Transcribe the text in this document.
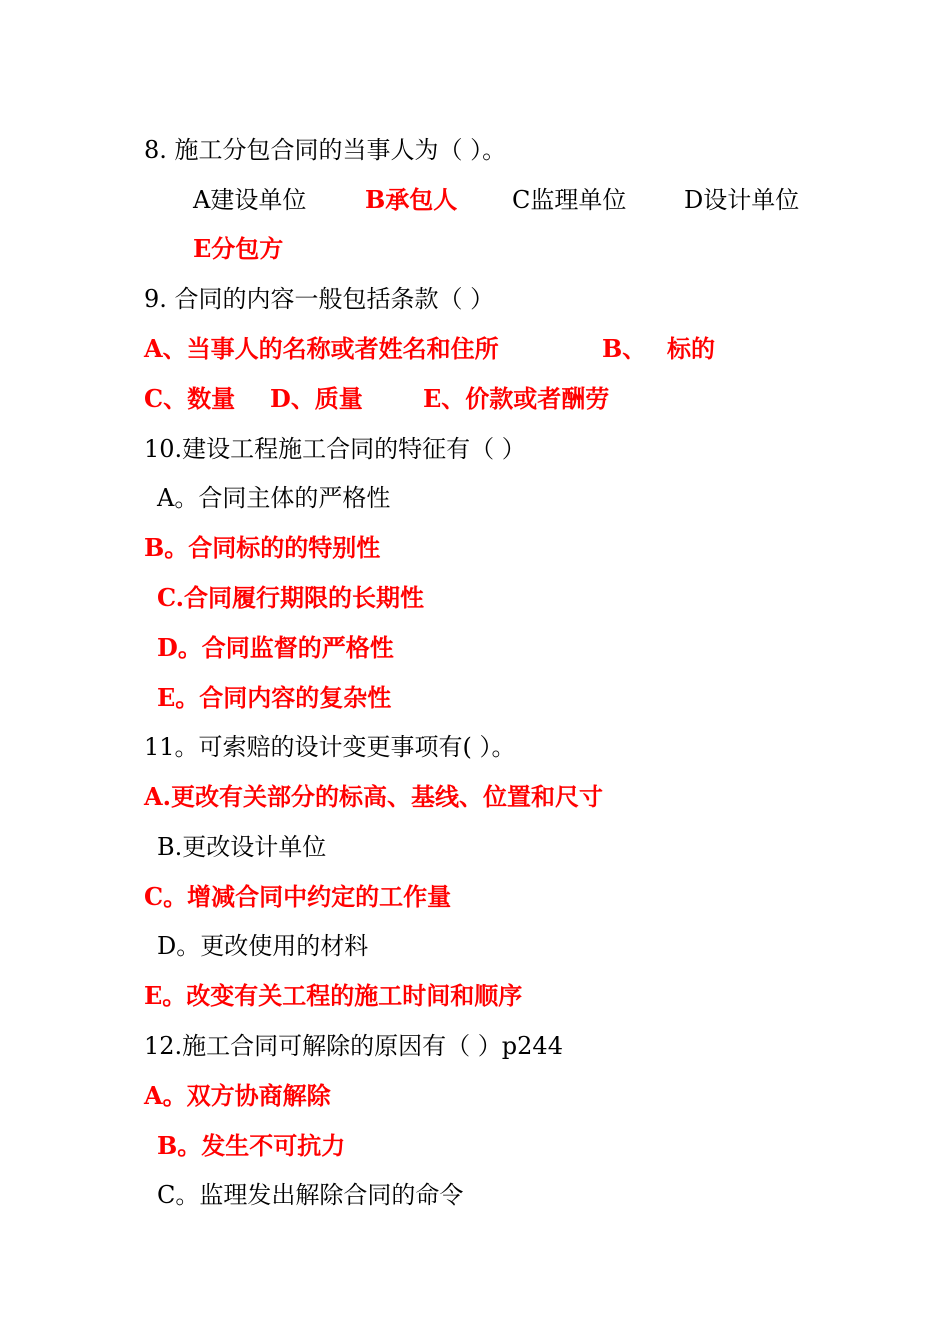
8. 施工分包合同的当事人为（ ）。
A建设单位 B承包人 C监理单位 D设计单位
E分包方
9. 合同的内容一般包括条款（ ）
A、当事人的名称或者姓名和住所	B、 标的
C、数量 D、质量	E、价款或者酬劳
10.建设工程施工合同的特征有（ ）
A。合同主体的严格性
B。合同标的的特别性
C.合同履行期限的长期性
D。合同监督的严格性
E。合同内容的复杂性
11。可索赔的设计变更事项有( ）。
A.更改有关部分的标高、基线、位置和尺寸
B.更改设计单位
C。增减合同中约定的工作量
D。更改使用的材料
E。改变有关工程的施工时间和顺序
12.施工合同可解除的原因有（ ）p244
A。双方协商解除
B。发生不可抗力
C。监理发出解除合同的命令
